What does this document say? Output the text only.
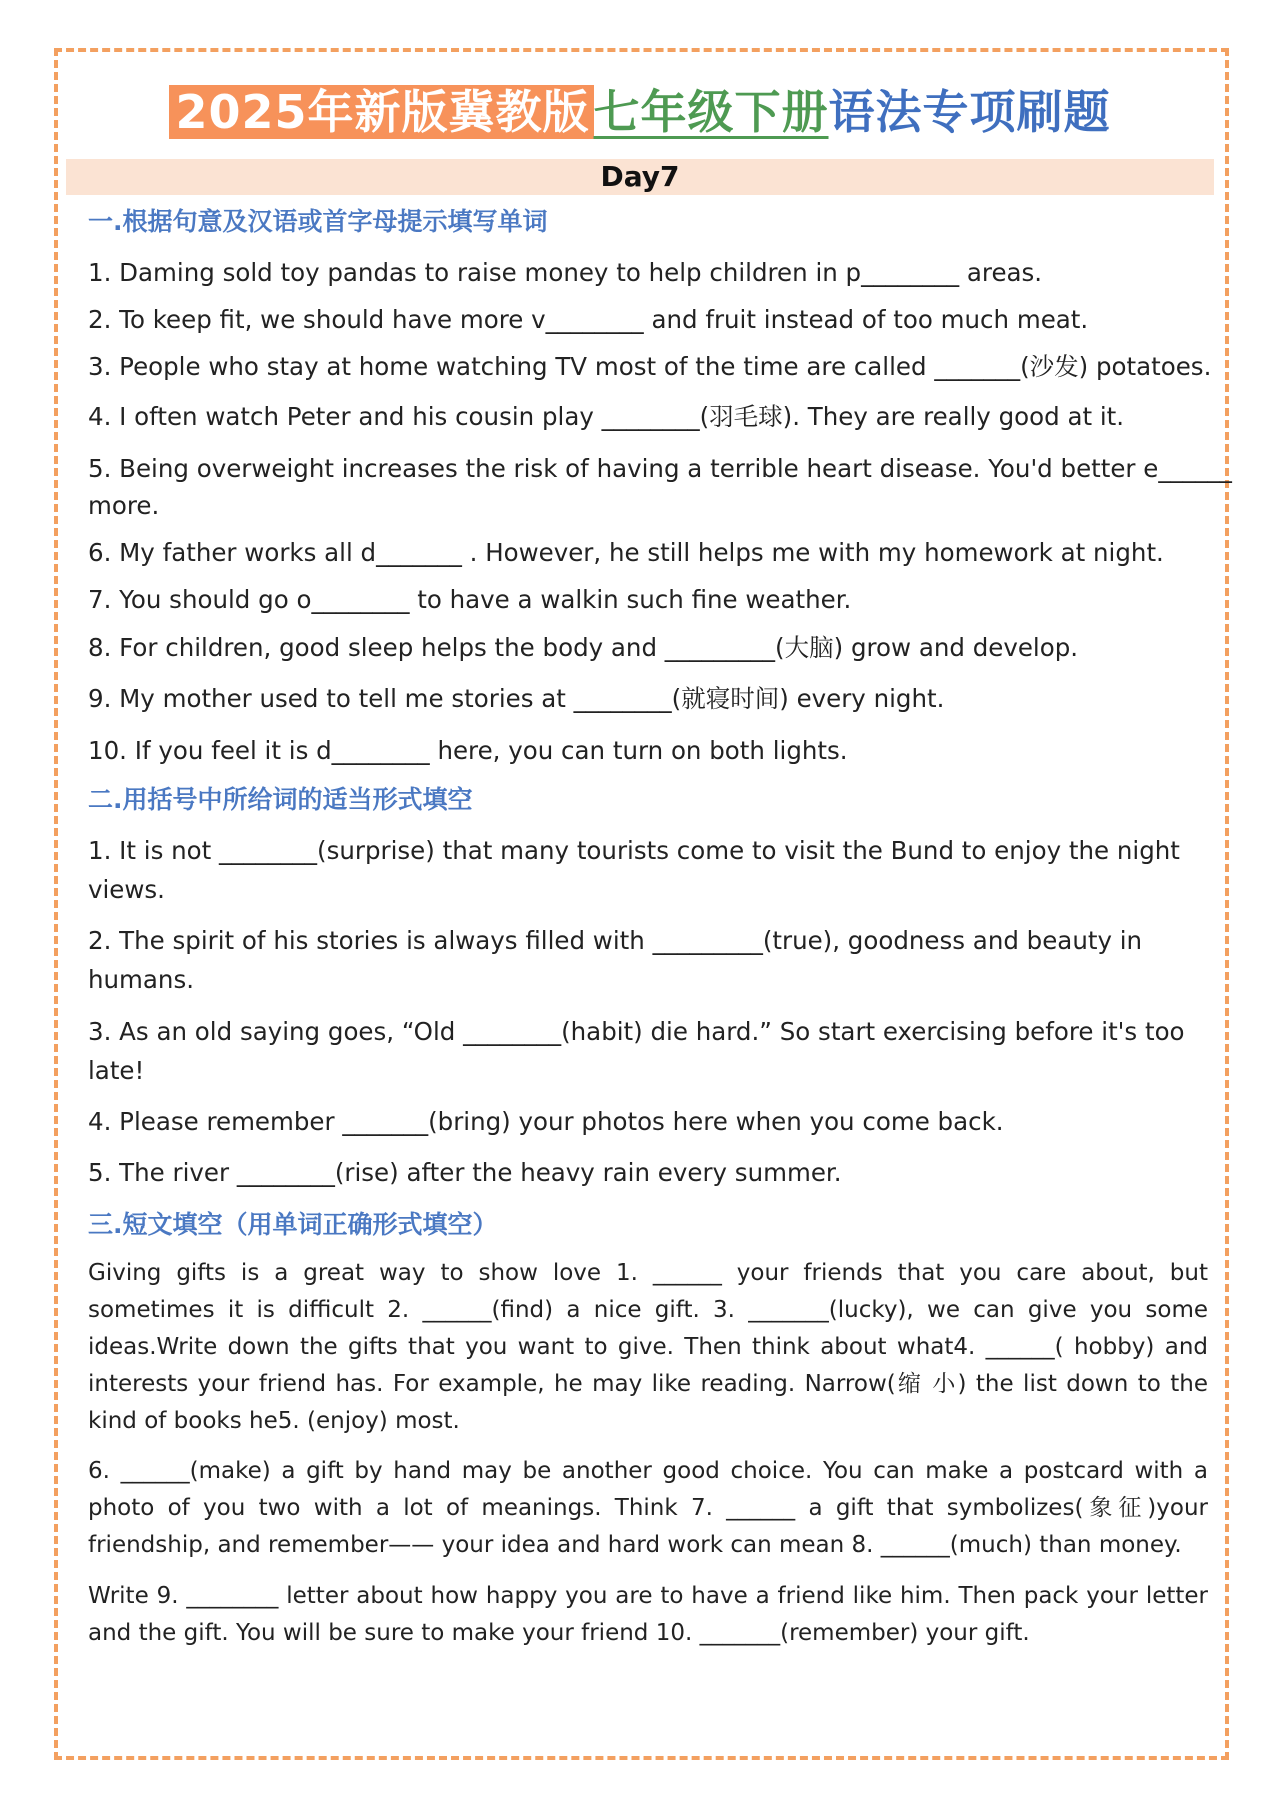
2025年新版冀教版七年级下册语法专项刷题
Day7
一.根据句意及汉语或首字母提示填写单词
1. Daming sold toy pandas to raise money to help children in p________ areas.
2. To keep fit, we should have more v________ and fruit instead of too much meat.
3. People who stay at home watching TV most of the time are called _______(沙发) potatoes.
4. I often watch Peter and his cousin play ________(羽毛球). They are really good at it.
5. Being overweight increases the risk of having a terrible heart disease. You'd better e______
more.
6. My father works all d_______ . However, he still helps me with my homework at night.
7. You should go o________ to have a walkin such fine weather.
8. For children, good sleep helps the body and _________(大脑) grow and develop.
9. My mother used to tell me stories at ________(就寝时间) every night.
10. If you feel it is d________ here, you can turn on both lights.
二.用括号中所给词的适当形式填空
1. It is not ________(surprise) that many tourists come to visit the Bund to enjoy the night
views.
2. The spirit of his stories is always filled with _________(true), goodness and beauty in
humans.
3. As an old saying goes, “Old ________(habit) die hard.” So start exercising before it's too
late!
4. Please remember _______(bring) your photos here when you come back.
5. The river ________(rise) after the heavy rain every summer.
三.短文填空（用单词正确形式填空）
Giving gifts is a great way to show love 1. ______ your friends that you care about, but sometimes it is difficult 2. ______(find) a nice gift. 3. _______(lucky), we can give you some ideas.Write down the gifts that you want to give. Then think about what4. ______( hobby) and interests your friend has. For example, he may like reading. Narrow(缩 小) the list down to the kind of books he5. (enjoy) most.
6. ______(make) a gift by hand may be another good choice. You can make a postcard with a photo of you two with a lot of meanings. Think 7. ______ a gift that symbolizes(象征)your friendship, and remember—— your idea and hard work can mean 8. ______(much) than money.
Write 9. ________ letter about how happy you are to have a friend like him. Then pack your letter and the gift. You will be sure to make your friend 10. _______(remember) your gift.
